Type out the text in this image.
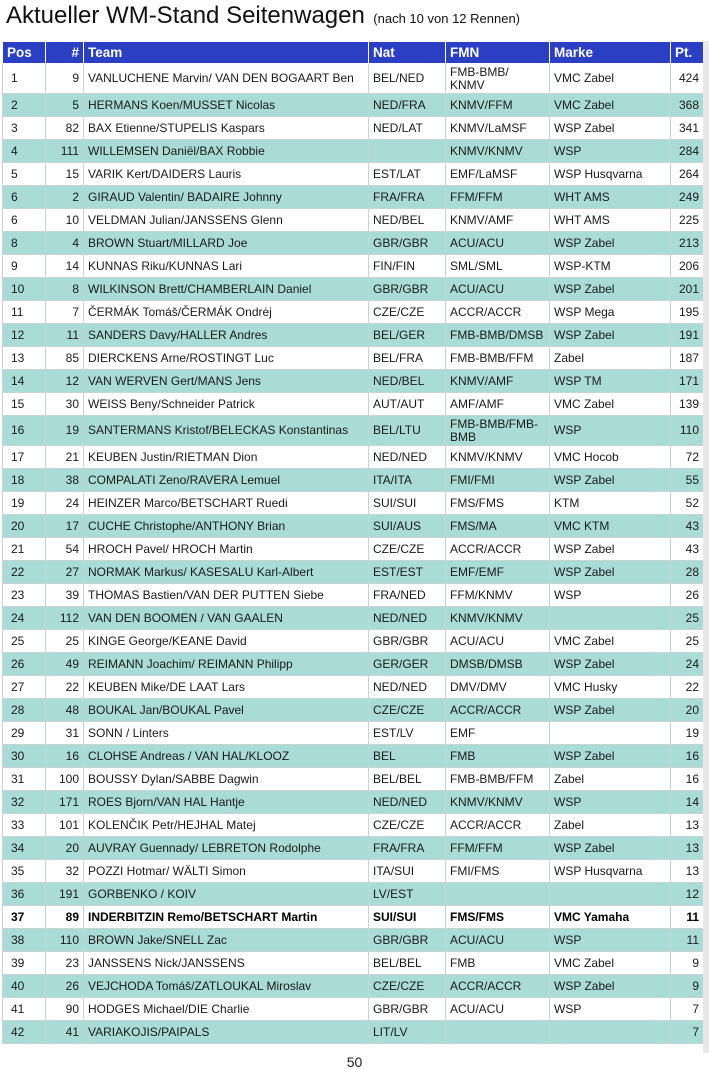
Aktueller WM-Stand Seitenwagen (nach 10 von 12 Rennen)
Pos	#	Team	Nat	FMN	Marke	Pt.
1	9	VANLUCHENE Marvin/ VAN DEN BOGAART Ben	BEL/NED	FMB-BMB/ KNMV	VMC Zabel	424
2	5	HERMANS Koen/MUSSET Nicolas	NED/FRA	KNMV/FFM	VMC Zabel	368
3	82	BAX Etienne/STUPELIS Kaspars	NED/LAT	KNMV/LaMSF	WSP Zabel	341
4	111	WILLEMSEN Daniël/BAX Robbie		KNMV/KNMV	WSP	284
5	15	VARIK Kert/DAIDERS Lauris	EST/LAT	EMF/LaMSF	WSP Husqvarna	264
6	2	GIRAUD Valentin/ BADAIRE Johnny	FRA/FRA	FFM/FFM	WHT AMS	249
6	10	VELDMAN Julian/JANSSENS Glenn	NED/BEL	KNMV/AMF	WHT AMS	225
8	4	BROWN Stuart/MILLARD Joe	GBR/GBR	ACU/ACU	WSP Zabel	213
9	14	KUNNAS Riku/KUNNAS Lari	FIN/FIN	SML/SML	WSP-KTM	206
10	8	WILKINSON Brett/CHAMBERLAIN Daniel	GBR/GBR	ACU/ACU	WSP Zabel	201
11	7	ČERMÁK Tomáš/ČERMÁK Ondrėj	CZE/CZE	ACCR/ACCR	WSP Mega	195
12	11	SANDERS Davy/HALLER Andres	BEL/GER	FMB-BMB/DMSB	WSP Zabel	191
13	85	DIERCKENS Arne/ROSTINGT Luc	BEL/FRA	FMB-BMB/FFM	Zabel	187
14	12	VAN WERVEN Gert/MANS Jens	NED/BEL	KNMV/AMF	WSP TM	171
15	30	WEISS Beny/Schneider Patrick	AUT/AUT	AMF/AMF	VMC Zabel	139
16	19	SANTERMANS Kristof/BELECKAS Konstantinas	BEL/LTU	FMB-BMB/FMB-BMB	WSP	110
17	21	KEUBEN Justin/RIETMAN Dion	NED/NED	KNMV/KNMV	VMC Hocob	72
18	38	COMPALATI Zeno/RAVERA Lemuel	ITA/ITA	FMI/FMI	WSP Zabel	55
19	24	HEINZER Marco/BETSCHART Ruedi	SUI/SUI	FMS/FMS	KTM	52
20	17	CUCHE Christophe/ANTHONY Brian	SUI/AUS	FMS/MA	VMC KTM	43
21	54	HROCH Pavel/ HROCH Martin	CZE/CZE	ACCR/ACCR	WSP Zabel	43
22	27	NORMAK Markus/ KASESALU Karl-Albert	EST/EST	EMF/EMF	WSP Zabel	28
23	39	THOMAS Bastien/VAN DER PUTTEN Siebe	FRA/NED	FFM/KNMV	WSP	26
24	112	VAN DEN BOOMEN / VAN GAALEN	NED/NED	KNMV/KNMV		25
25	25	KINGE George/KEANE David	GBR/GBR	ACU/ACU	VMC Zabel	25
26	49	REIMANN Joachim/ REIMANN Philipp	GER/GER	DMSB/DMSB	WSP Zabel	24
27	22	KEUBEN Mike/DE LAAT Lars	NED/NED	DMV/DMV	VMC Husky	22
28	48	BOUKAL Jan/BOUKAL Pavel	CZE/CZE	ACCR/ACCR	WSP Zabel	20
29	31	SONN / Linters	EST/LV	EMF		19
30	16	CLOHSE Andreas / VAN HAL/KLOOZ	BEL	FMB	WSP Zabel	16
31	100	BOUSSY Dylan/SABBE Dagwin	BEL/BEL	FMB-BMB/FFM	Zabel	16
32	171	ROES Bjorn/VAN HAL Hantje	NED/NED	KNMV/KNMV	WSP	14
33	101	KOLENČIK Petr/HEJHAL Matej	CZE/CZE	ACCR/ACCR	Zabel	13
34	20	AUVRAY Guennady/ LEBRETON Rodolphe	FRA/FRA	FFM/FFM	WSP Zabel	13
35	32	POZZI Hotmar/ WÄLTI Simon	ITA/SUI	FMI/FMS	WSP Husqvarna	13
36	191	GORBENKO / KOIV	LV/EST			12
37	89	INDERBITZIN Remo/BETSCHART Martin	SUI/SUI	FMS/FMS	VMC Yamaha	11
38	110	BROWN Jake/SNELL Zac	GBR/GBR	ACU/ACU	WSP	11
39	23	JANSSENS Nick/JANSSENS	BEL/BEL	FMB	VMC Zabel	9
40	26	VEJCHODA Tomáš/ZATLOUKAL Miroslav	CZE/CZE	ACCR/ACCR	WSP Zabel	9
41	90	HODGES Michael/DIE Charlie	GBR/GBR	ACU/ACU	WSP	7
42	41	VARIAKOJIS/PAIPALS	LIT/LV			7
50
